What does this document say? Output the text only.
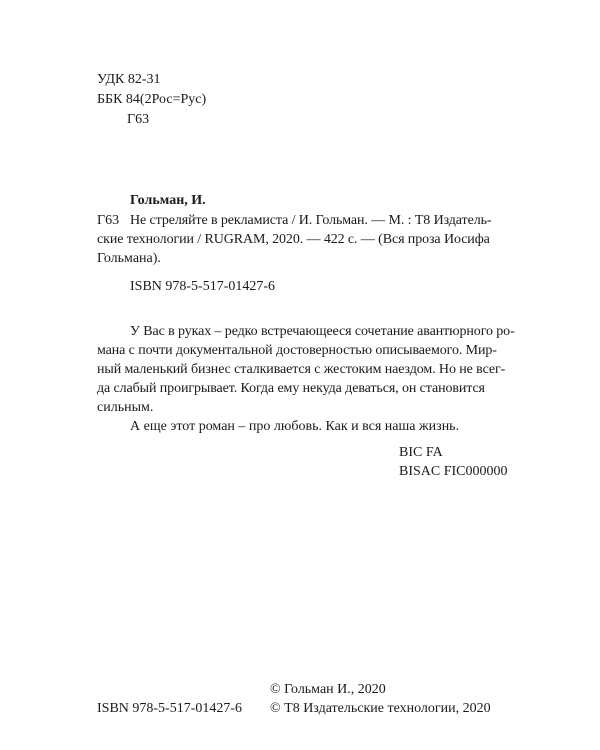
УДК 82-31
ББК 84(2Рос=Рус)
Г63
Гольман, И.
Г63 Не стреляйте в рекламиста / И. Гольман. — М. : Т8 Издатель-
ские технологии / RUGRAM, 2020. — 422 с. — (Вся проза Иосифа
Гольмана).
ISBN 978-5-517-01427-6
У Вас в руках – редко встречающееся сочетание авантюрного ро-
мана с почти документальной достоверностью описываемого. Мир-
ный маленький бизнес сталкивается с жестоким наездом. Но не всег-
да слабый проигрывает. Когда ему некуда деваться, он становится
сильным.
А еще этот роман – про любовь. Как и вся наша жизнь.
BIC FA
BISAC FIC000000
© Гольман И., 2020
ISBN 978-5-517-01427-6 © Т8 Издательские технологии, 2020
